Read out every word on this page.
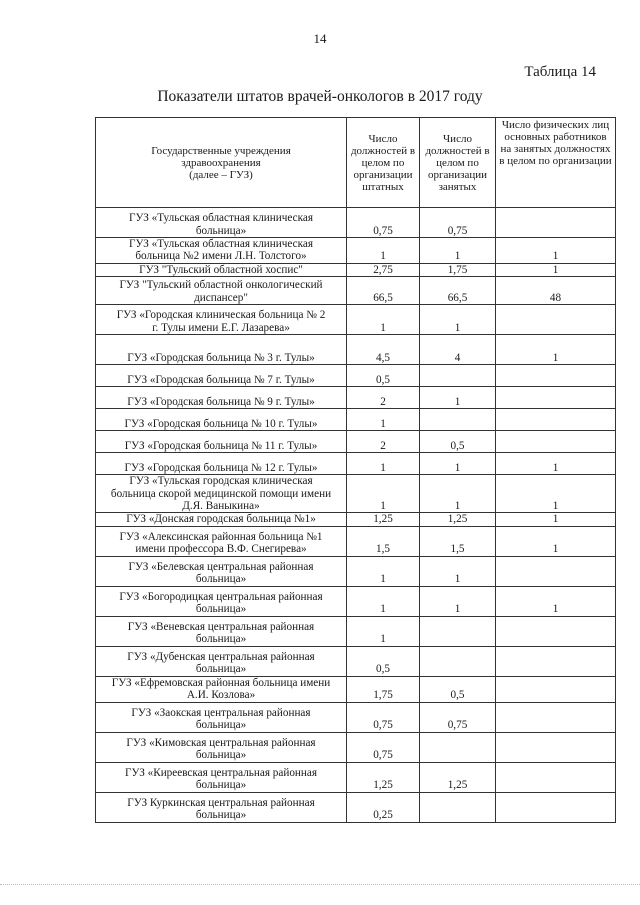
14
Таблица 14
Показатели штатов врачей-онкологов в 2017 году
Государственные учреждения
здравоохранения
(далее – ГУЗ)	Число должностей в целом по организации штатных	Число должностей в целом по организации занятых	Число физических лиц основных работников на занятых должностях в целом по организации

ГУЗ «Тульская областная клиническая
больница»	0,75	0,75	

ГУЗ «Тульская областная клиническая
больница №2 имени Л.Н. Толстого»	1	1	1

ГУЗ "Тульский областной хоспис"	2,75	1,75	1

ГУЗ "Тульский областной онкологический
диспансер"	66,5	66,5	48

ГУЗ «Городская клиническая больница № 2
г. Тулы имени Е.Г. Лазарева»	1	1	

ГУЗ «Городская больница № 3 г. Тулы»	4,5	4	1

ГУЗ «Городская больница № 7 г. Тулы»	0,5		

ГУЗ «Городская больница № 9 г. Тулы»	2	1	

ГУЗ «Городская больница № 10 г. Тулы»	1		

ГУЗ «Городская больница № 11 г. Тулы»	2	0,5	

ГУЗ «Городская больница № 12 г. Тулы»	1	1	1

ГУЗ «Тульская городская клиническая
больница скорой медицинской помощи имени
Д.Я. Ваныкина»	1	1	1

ГУЗ «Донская городская больница №1»	1,25	1,25	1

ГУЗ «Алексинская районная больница №1
имени профессора В.Ф. Снегирева»	1,5	1,5	1

ГУЗ «Белевская центральная районная
больница»	1	1	

ГУЗ «Богородицкая центральная районная
больница»	1	1	1

ГУЗ «Веневская центральная районная
больница»	1		

ГУЗ «Дубенская центральная районная
больница»	0,5		

ГУЗ «Ефремовская районная больница имени
А.И. Козлова»	1,75	0,5	

ГУЗ «Заокская центральная районная
больница»	0,75	0,75	

ГУЗ «Кимовская центральная районная
больница»	0,75		

ГУЗ «Киреевская центральная районная
больница»	1,25	1,25	

ГУЗ Куркинская центральная районная
больница»	0,25		
